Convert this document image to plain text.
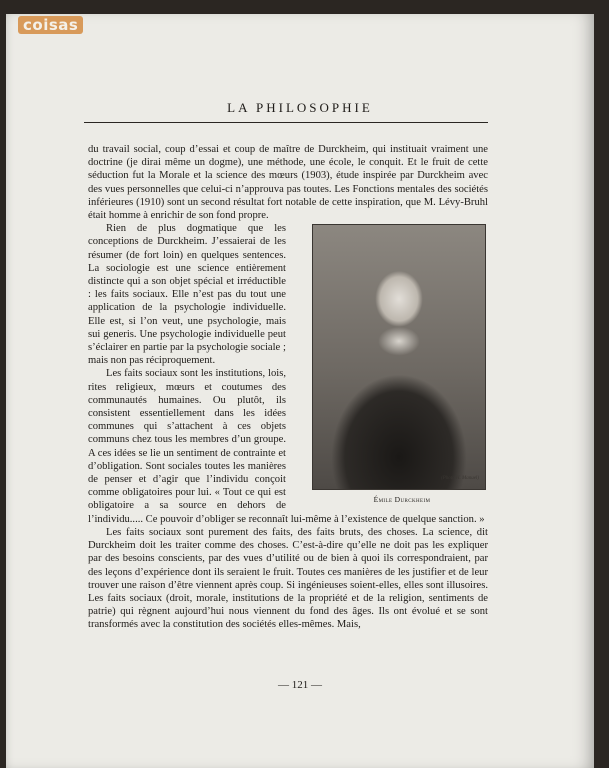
coisas
LA PHILOSOPHIE

du travail social, coup d’essai et coup de maître de Durckheim, qui instituait vraiment une doctrine (je dirai même un dogme), une méthode, une école, le conquit. Et le fruit de cette séduction fut la Morale et la science des mœurs (1903), étude inspirée par Durckheim avec des vues personnelles que celui-ci n’approuva pas toutes. Les Fonctions mentales des sociétés inférieures (1910) sont un second résultat fort notable de cette inspiration, que M. Lévy-Bruhl était homme à enrichir de son fond propre.

(Photo H. Manuel)
Émile Durckheim

Rien de plus dogmatique que les conceptions de Durckheim. J’essaierai de les résumer (de fort loin) en quelques sentences. La sociologie est une science entièrement distincte qui a son objet spécial et irréductible : les faits sociaux. Elle n’est pas du tout une application de la psychologie individuelle. Elle est, si l’on veut, une psychologie, mais sui generis. Une psychologie individuelle peut s’éclairer en partie par la psychologie sociale ; mais non pas réciproquement.

Les faits sociaux sont les institutions, lois, rites religieux, mœurs et coutumes des communautés humaines. Ou plutôt, ils consistent essentiellement dans les idées communes qui s’attachent à ces objets communs chez tous les membres d’un groupe. A ces idées se lie un sentiment de contrainte et d’obligation. Sont sociales toutes les manières de penser et d’agir que l’individu conçoit comme obligatoires pour lui. « Tout ce qui est obligatoire a sa source en dehors de l’individu..... Ce pouvoir d’obliger se reconnaît lui-même à l’existence de quelque sanction. »

Les faits sociaux sont purement des faits, des faits bruts, des choses. La science, dit Durckheim doit les traiter comme des choses. C’est-à-dire qu’elle ne doit pas les expliquer par des besoins conscients, par des vues d’utilité ou de bien à quoi ils correspondraient, par des leçons d’expérience dont ils seraient le fruit. Toutes ces manières de les justifier et de leur trouver une raison d’être viennent après coup. Si ingénieuses soient-elles, elles sont illusoires. Les faits sociaux (droit, morale, institutions de la propriété et de la religion, sentiments de patrie) qui règnent aujourd’hui nous viennent du fond des âges. Ils ont évolué et se sont transformés avec la constitution des sociétés elles-mêmes. Mais,

— 121 —
